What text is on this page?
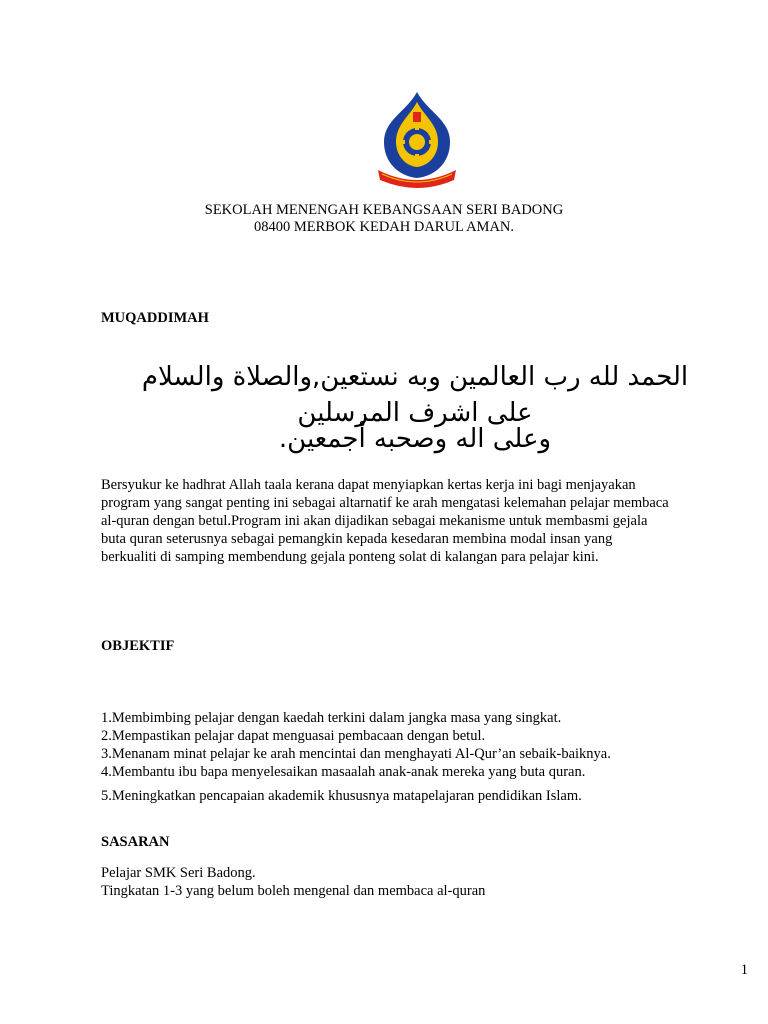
SEKOLAH MENENGAH KEBANGSAAN SERI BADONG
08400 MERBOK KEDAH DARUL AMAN.
MUQADDIMAH
الحمد لله رب العالمين وبه نستعين,والصلاة والسلام
على اشرف المرسلين
وعلى اله وصحبه أجمعين.
Bersyukur ke hadhrat Allah taala kerana dapat menyiapkan kertas kerja ini bagi menjayakan
program yang sangat penting ini sebagai altarnatif ke arah mengatasi kelemahan pelajar membaca
al-quran dengan betul.Program ini akan dijadikan sebagai mekanisme untuk membasmi gejala
buta quran seterusnya sebagai pemangkin kepada kesedaran membina modal insan yang
berkualiti di samping membendung gejala ponteng solat di kalangan para pelajar kini.
OBJEKTIF
1.Membimbing pelajar dengan kaedah terkini dalam jangka masa yang singkat.
2.Mempastikan pelajar dapat menguasai pembacaan dengan betul.
3.Menanam minat pelajar ke arah mencintai dan menghayati Al-Qur’an sebaik-baiknya.
4.Membantu ibu bapa menyelesaikan masaalah anak-anak mereka yang buta quran.
5.Meningkatkan pencapaian akademik khususnya matapelajaran pendidikan Islam.
SASARAN
Pelajar SMK Seri Badong.
Tingkatan 1-3 yang belum boleh mengenal dan membaca al-quran
1
